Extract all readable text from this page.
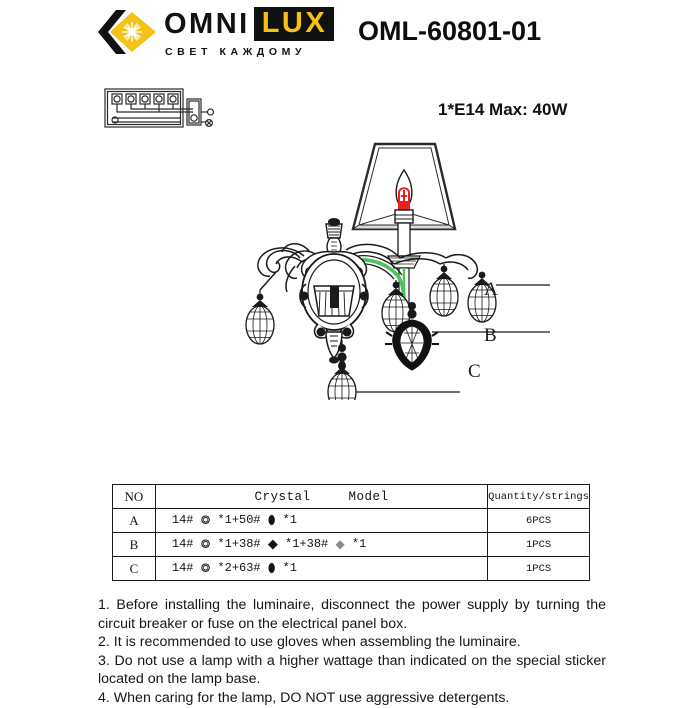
OMNI LUX
СВЕТ КАЖДОМУ
OML-60801-01
1*E14 Max: 40W
A
B
C
NO	Crystal Model	Quantity/strings
A	14# ⭗ *1+50# ⬮ *1	6PCS
B	14# ⭗ *1+38# ◆ *1+38# ◆ *1	1PCS
C	14# ⭗ *2+63# ⬮ *1	1PCS

1. Before installing the luminaire, disconnect the power supply by turning the circuit breaker or fuse on the electrical panel box.

2. It is recommended to use gloves when assembling the luminaire.

3. Do not use a lamp with a higher wattage than indicated on the special sticker located on the lamp base.

4. When caring for the lamp, DO NOT use aggressive detergents.
